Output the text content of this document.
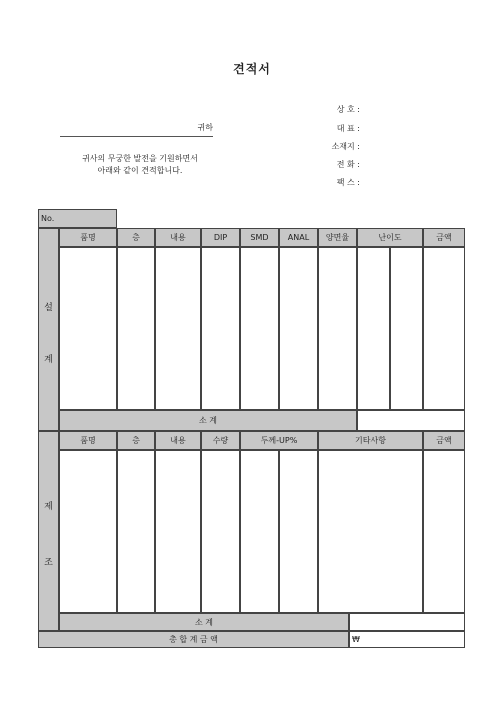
견적서
귀하
귀사의 무궁한 발전을 기원하면서
아래와 같이 견적합니다.
상 호 :
대 표 :
소재지 :
전 화 :
팩 스 :
No.
설
계
품명	층	내용	DIP	SMD	ANAL	양면율	난이도	금액
소 계
제
조
품명	층	내용	수량	두께-UP%	기타사항	금액
소 계
총 합 계 금 액	₩
